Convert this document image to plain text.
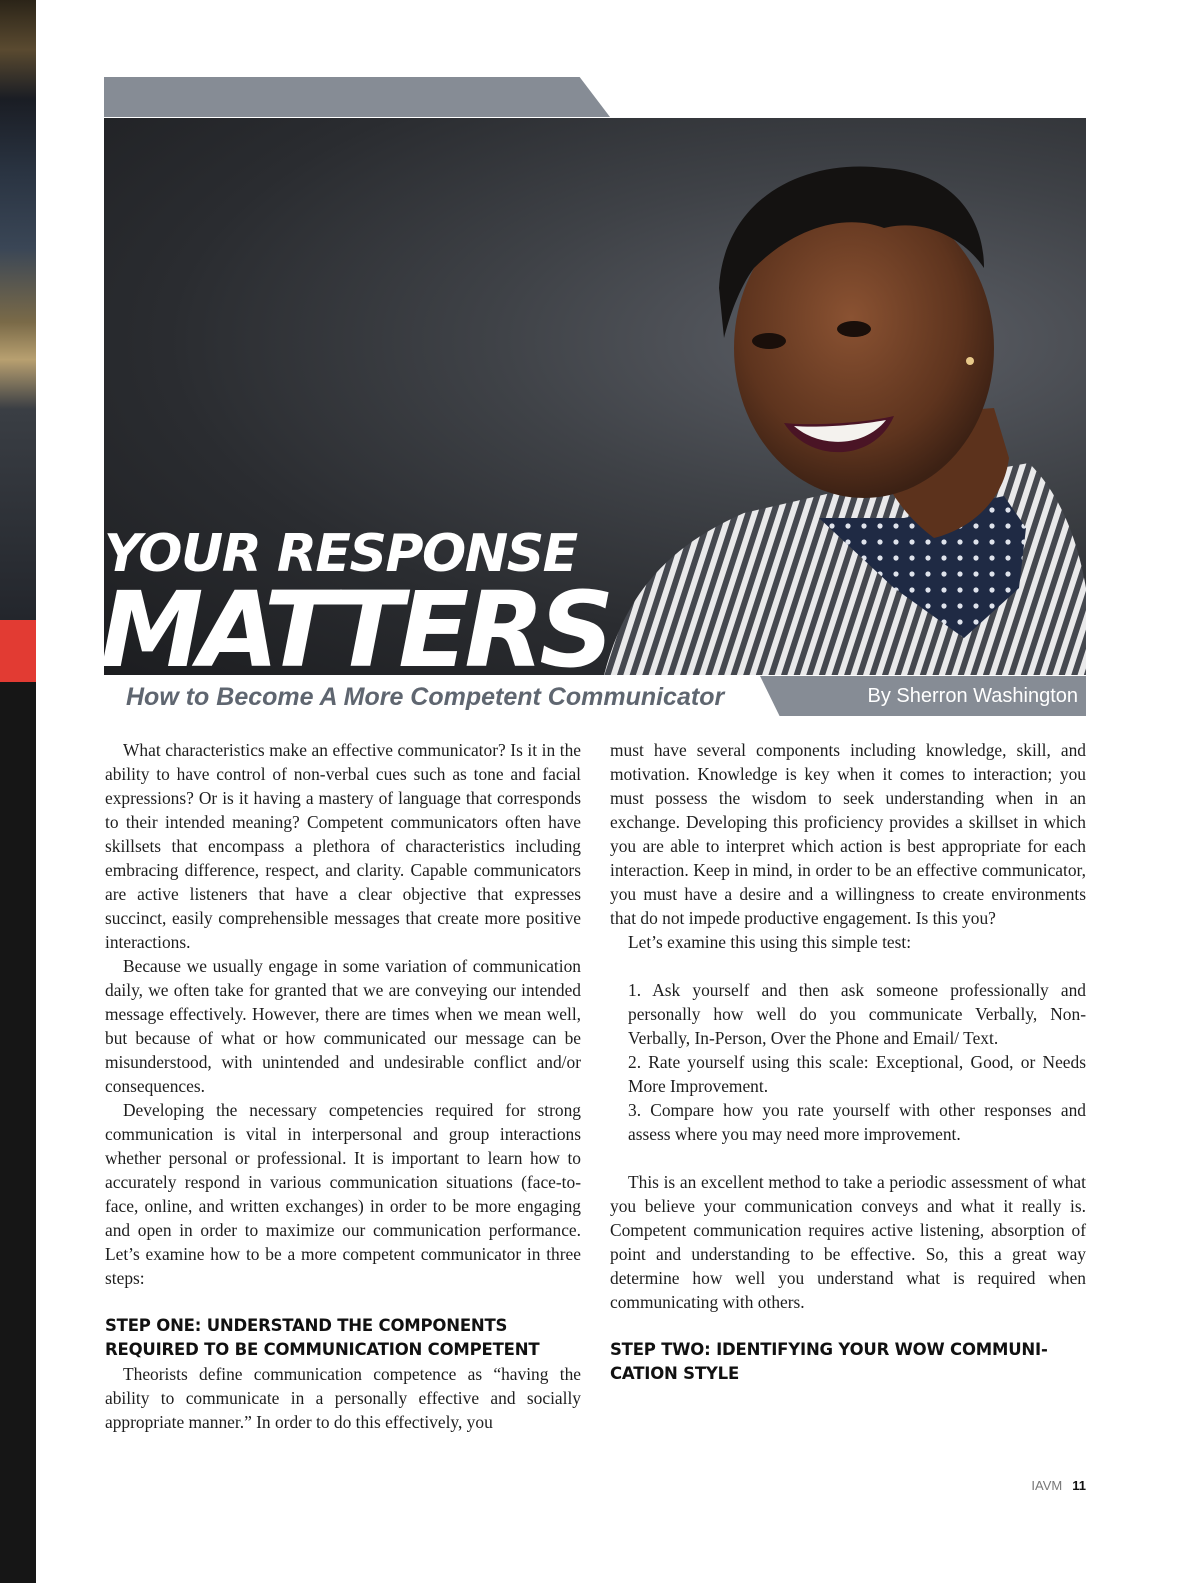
YOUR RESPONSE
MATTERS
How to Become A More Competent Communicator	By Sherron Washington

What characteristics make an effective communicator? Is it in the ability to have control of non-verbal cues such as tone and facial expressions? Or is it having a mastery of language that corresponds to their intended meaning? Competent communicators often have skillsets that encompass a plethora of characteristics including embracing difference, respect, and clarity. Capable communicators are active listeners that have a clear objective that expresses succinct, easily comprehensible messages that create more positive interactions.

Because we usually engage in some variation of communication daily, we often take for granted that we are conveying our intended message effectively. However, there are times when we mean well, but because of what or how communicated our message can be misunderstood, with unintended and undesirable conflict and/or consequences.

Developing the necessary competencies required for strong communication is vital in interpersonal and group interactions whether personal or professional. It is important to learn how to accurately respond in various communication situations (face-to-face, online, and written exchanges) in order to be more engaging and open in order to maximize our communication performance. Let’s examine how to be a more competent communicator in three steps:

STEP ONE: UNDERSTAND THE COMPONENTS REQUIRED TO BE COMMUNICATION COMPETENT

Theorists define communication competence as “having the ability to communicate in a personally effective and socially appropriate manner.” In order to do this effectively, you

must have several components including knowledge, skill, and motivation. Knowledge is key when it comes to interaction; you must possess the wisdom to seek understanding when in an exchange. Developing this proficiency provides a skillset in which you are able to interpret which action is best appropriate for each interaction. Keep in mind, in order to be an effective communicator, you must have a desire and a willingness to create environments that do not impede productive engagement. Is this you?

Let’s examine this using this simple test:

1. Ask yourself and then ask someone professionally and personally how well do you communicate Verbally, Non-Verbally, In-Person, Over the Phone and Email/ Text.
2. Rate yourself using this scale: Exceptional, Good, or Needs More Improvement.
3. Compare how you rate yourself with other responses and assess where you may need more improvement.

This is an excellent method to take a periodic assessment of what you believe your communication conveys and what it really is. Competent communication requires active listening, absorption of point and understanding to be effective. So, this a great way determine how well you understand what is required when communicating with others.

STEP TWO: IDENTIFYING YOUR WOW COMMUNICATION STYLE
IAVM 11
